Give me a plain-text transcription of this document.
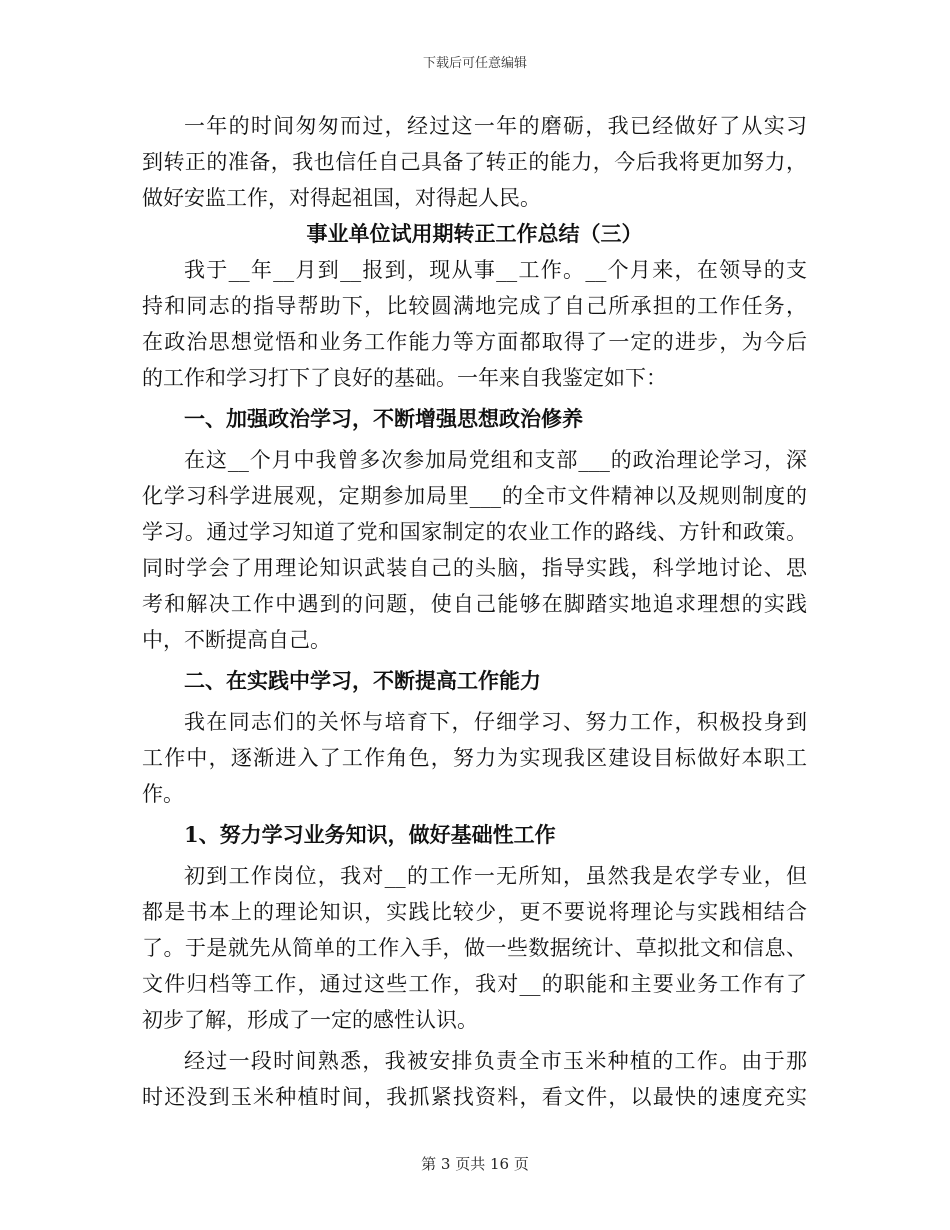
下载后可任意编辑
一年的时间匆匆而过，经过这一年的磨砺，我已经做好了从实习
到转正的准备，我也信任自己具备了转正的能力，今后我将更加努力，
做好安监工作，对得起祖国，对得起人民。
事业单位试用期转正工作总结（三）
我于__年__月到__报到，现从事__工作。__个月来，在领导的支
持和同志的指导帮助下，比较圆满地完成了自己所承担的工作任务，
在政治思想觉悟和业务工作能力等方面都取得了一定的进步，为今后
的工作和学习打下了良好的基础。一年来自我鉴定如下：
一、加强政治学习，不断增强思想政治修养
在这__个月中我曾多次参加局党组和支部___的政治理论学习，深
化学习科学进展观，定期参加局里___的全市文件精神以及规则制度的
学习。通过学习知道了党和国家制定的农业工作的路线、方针和政策。
同时学会了用理论知识武装自己的头脑，指导实践，科学地讨论、思
考和解决工作中遇到的问题，使自己能够在脚踏实地追求理想的实践
中，不断提高自己。
二、在实践中学习，不断提高工作能力
我在同志们的关怀与培育下，仔细学习、努力工作，积极投身到
工作中，逐渐进入了工作角色，努力为实现我区建设目标做好本职工
作。
1、努力学习业务知识，做好基础性工作
初到工作岗位，我对__的工作一无所知，虽然我是农学专业，但
都是书本上的理论知识，实践比较少，更不要说将理论与实践相结合
了。于是就先从简单的工作入手，做一些数据统计、草拟批文和信息、
文件归档等工作，通过这些工作，我对__的职能和主要业务工作有了
初步了解，形成了一定的感性认识。
经过一段时间熟悉，我被安排负责全市玉米种植的工作。由于那
时还没到玉米种植时间，我抓紧找资料，看文件，以最快的速度充实
第 3 页共 16 页
